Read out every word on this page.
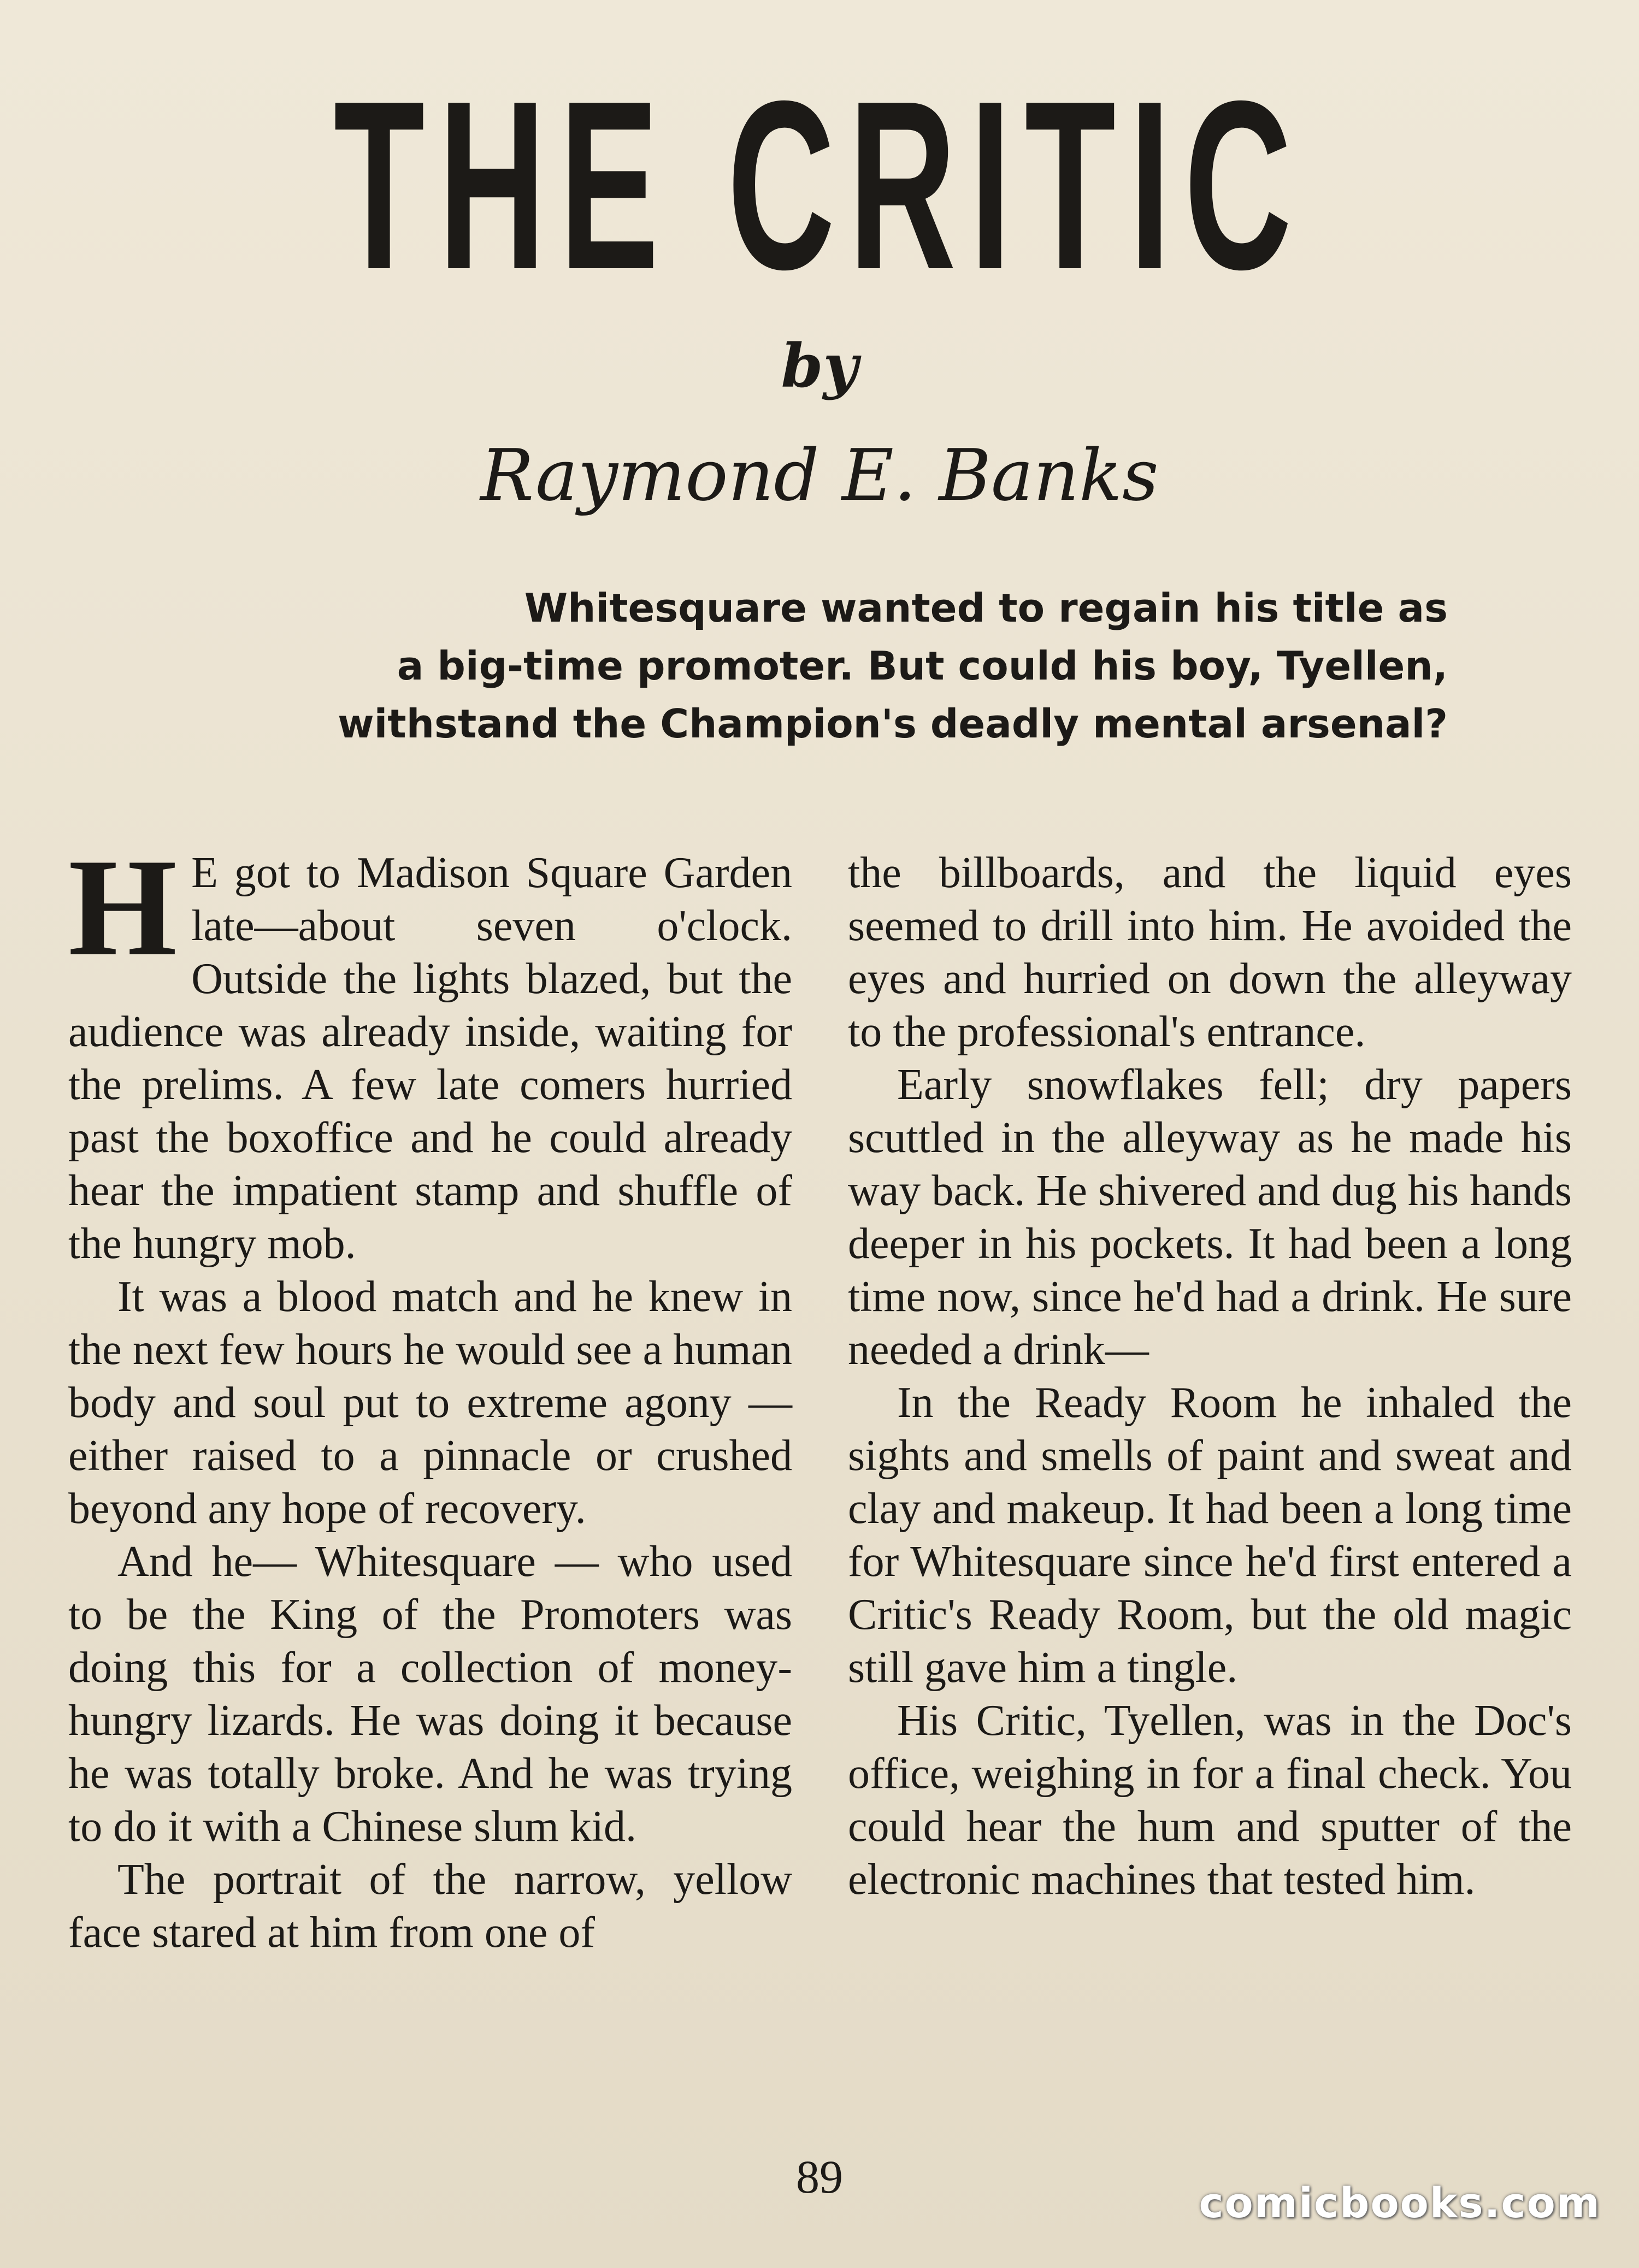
THE CRITIC
by
Raymond E. Banks
Whitesquare wanted to regain his title as
a big-time promoter. But could his boy, Tyellen,
withstand the Champion's deadly mental arsenal?

H E got to Madison Square Garden late—about seven o'clock. Outside the lights blazed, but the audience was already inside, waiting for the prelims. A few late comers hurried past the boxoffice and he could already hear the impatient stamp and shuffle of the hungry mob.

It was a blood match and he knew in the next few hours he would see a human body and soul put to extreme agony — either raised to a pinnacle or crushed beyond any hope of recovery.

And he— Whitesquare — who used to be the King of the Promoters was doing this for a collection of money-hungry lizards. He was doing it because he was totally broke. And he was trying to do it with a Chinese slum kid.

The portrait of the narrow, yellow face stared at him from one of

the billboards, and the liquid eyes seemed to drill into him. He avoided the eyes and hurried on down the alleyway to the professional's entrance.

Early snowflakes fell; dry papers scuttled in the alleyway as he made his way back. He shivered and dug his hands deeper in his pockets. It had been a long time now, since he'd had a drink. He sure needed a drink—

In the Ready Room he inhaled the sights and smells of paint and sweat and clay and makeup. It had been a long time for Whitesquare since he'd first entered a Critic's Ready Room, but the old magic still gave him a tingle.

His Critic, Tyellen, was in the Doc's office, weighing in for a final check. You could hear the hum and sputter of the electronic machines that tested him.

89	comicbooks.com
